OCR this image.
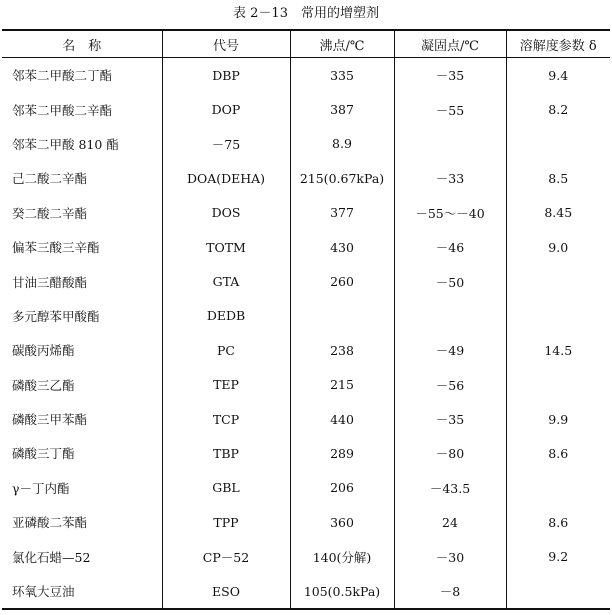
表 2－13　常用的增塑剂
名　称	代号	沸点/℃	凝固点/℃	溶解度参数 δ
邻苯二甲酸二丁酯	DBP	335	－35	9.4
邻苯二甲酸二辛酯	DOP	387	－55	8.2
邻苯二甲酸 810 酯	－75	8.9		
己二酸二辛酯	DOA(DEHA)	215(0.67kPa)	－33	8.5
癸二酸二辛酯	DOS	377	－55～－40	8.45
偏苯三酸三辛酯	TOTM	430	－46	9.0
甘油三醋酸酯	GTA	260	－50	
多元醇苯甲酸酯	DEDB			
碳酸丙烯酯	PC	238	－49	14.5
磷酸三乙酯	TEP	215	－56	
磷酸三甲苯酯	TCP	440	－35	9.9
磷酸三丁酯	TBP	289	－80	8.6
γ－丁内酯	GBL	206	－43.5	
亚磷酸二苯酯	TPP	360	24	8.6
氯化石蜡—52	CP－52	140(分解)	－30	9.2
环氧大豆油	ESO	105(0.5kPa)	－8	
